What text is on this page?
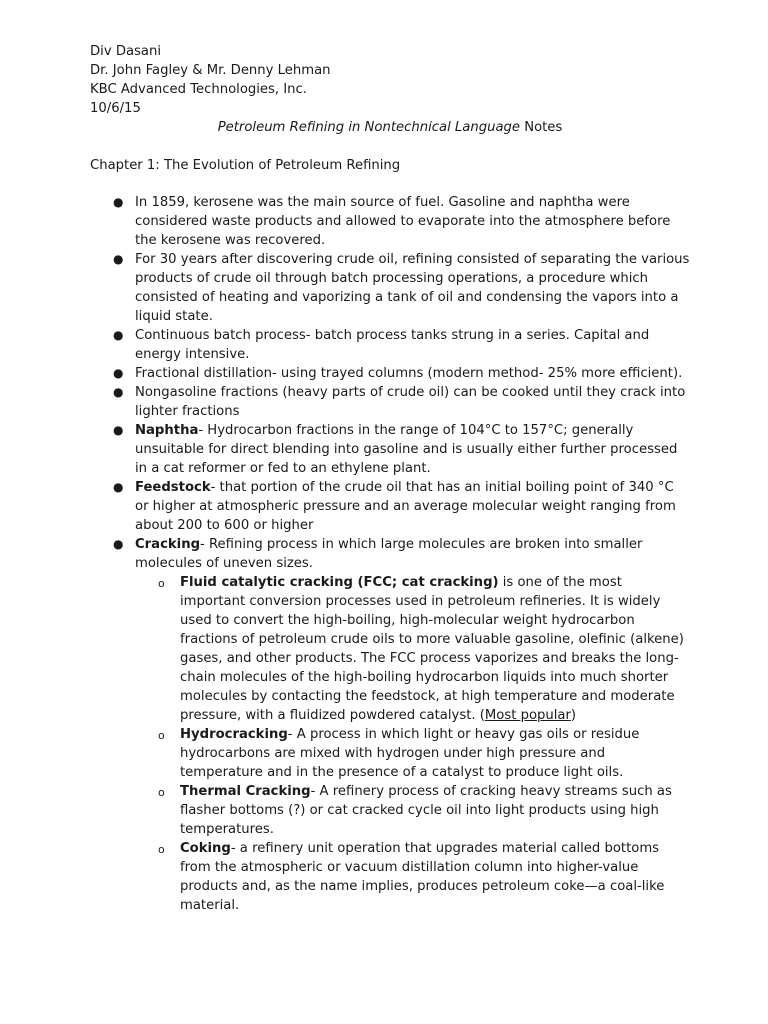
Div Dasani

Dr. John Fagley & Mr. Denny Lehman

KBC Advanced Technologies, Inc.

10/6/15

Petroleum Refining in Nontechnical Language Notes

Chapter 1: The Evolution of Petroleum Refining

● In 1859, kerosene was the main source of fuel. Gasoline and naphtha were considered waste products and allowed to evaporate into the atmosphere before the kerosene was recovered.
● For 30 years after discovering crude oil, refining consisted of separating the various products of crude oil through batch processing operations, a procedure which consisted of heating and vaporizing a tank of oil and condensing the vapors into a liquid state.
● Continuous batch process- batch process tanks strung in a series. Capital and energy intensive.
● Fractional distillation- using trayed columns (modern method- 25% more efficient).
● Nongasoline fractions (heavy parts of crude oil) can be cooked until they crack into lighter fractions
● Naphtha- Hydrocarbon fractions in the range of 104°C to 157°C; generally unsuitable for direct blending into gasoline and is usually either further processed in a cat reformer or fed to an ethylene plant.
● Feedstock- that portion of the crude oil that has an initial boiling point of 340 °C or higher at atmospheric pressure and an average molecular weight ranging from about 200 to 600 or higher
● Cracking- Refining process in which large molecules are broken into smaller molecules of uneven sizes.
o Fluid catalytic cracking (FCC; cat cracking) is one of the most important conversion processes used in petroleum refineries. It is widely used to convert the high-boiling, high-molecular weight hydrocarbon fractions of petroleum crude oils to more valuable gasoline, olefinic (alkene) gases, and other products. The FCC process vaporizes and breaks the long-chain molecules of the high-boiling hydrocarbon liquids into much shorter molecules by contacting the feedstock, at high temperature and moderate pressure, with a fluidized powdered catalyst. (Most popular)
o Hydrocracking- A process in which light or heavy gas oils or residue hydrocarbons are mixed with hydrogen under high pressure and temperature and in the presence of a catalyst to produce light oils.
o Thermal Cracking- A refinery process of cracking heavy streams such as flasher bottoms (?) or cat cracked cycle oil into light products using high temperatures.
o Coking- a refinery unit operation that upgrades material called bottoms from the atmospheric or vacuum distillation column into higher-value products and, as the name implies, produces petroleum coke—a coal-like material.
